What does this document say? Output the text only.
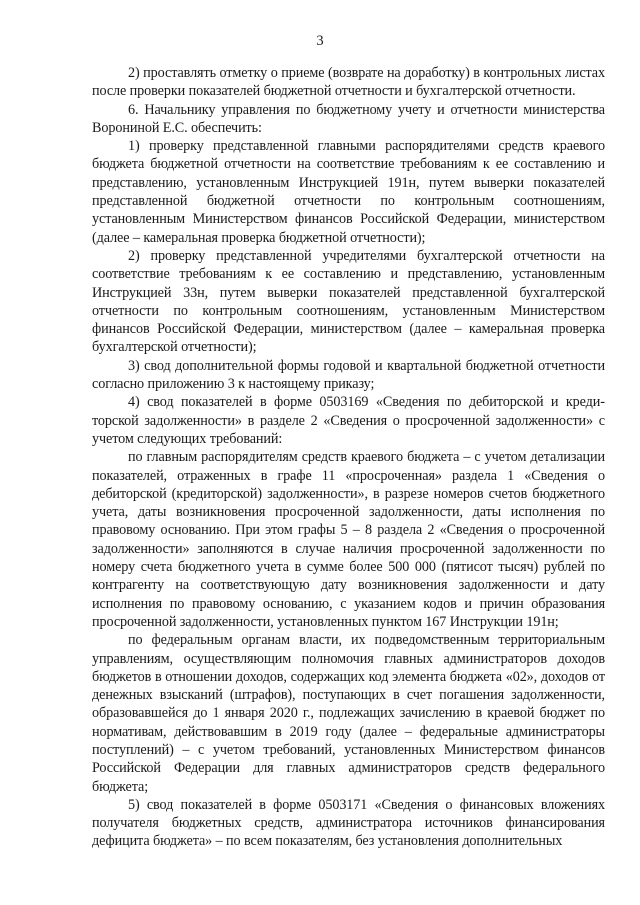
3

2) проставлять отметку о приеме (возврате на доработку) в контрольных листах после проверки показателей бюджетной отчетности и бухгалтерской отчетности.

6. Начальнику управления по бюджетному учету и отчетности министерства Ворониной Е.С. обеспечить:

1) проверку представленной главными распорядителями средств краевого бюджета бюджетной отчетности на соответствие требованиям к ее составлению и представлению, установленным Инструкцией 191н, путем выверки показателей представленной бюджетной отчетности по контрольным соотношениям, установленным Министерством финансов Российской Федерации, министерством (далее – камеральная проверка бюджетной отчетности);

2) проверку представленной учредителями бухгалтерской отчетности на соответствие требованиям к ее составлению и представлению, установленным Инструкцией 33н, путем выверки показателей представленной бухгалтерской отчетности по контрольным соотношениям, установленным Министерством финансов Российской Федерации, министерством (далее – камеральная проверка бухгалтерской отчетности);

3) свод дополнительной формы годовой и квартальной бюджетной отчетности согласно приложению 3 к настоящему приказу;

4) свод показателей в форме 0503169 «Сведения по дебиторской и кредиторской задолженности» в разделе 2 «Сведения о просроченной задолженности» с учетом следующих требований:

по главным распорядителям средств краевого бюджета – с учетом детализации показателей, отраженных в графе 11 «просроченная» раздела 1 «Сведения о дебиторской (кредиторской) задолженности», в разрезе номеров счетов бюджетного учета, даты возникновения просроченной задолженности, даты исполнения по правовому основанию. При этом графы 5 – 8 раздела 2 «Сведения о просроченной задолженности» заполняются в случае наличия просроченной задолженности по номеру счета бюджетного учета в сумме более 500 000 (пятисот тысяч) рублей по контрагенту на соответствующую дату возникновения задолженности и дату исполнения по правовому основанию, с указанием кодов и причин образования просроченной задолженности, установленных пунктом 167 Инструкции 191н;

по федеральным органам власти, их подведомственным территориальным управлениям, осуществляющим полномочия главных администраторов доходов бюджетов в отношении доходов, содержащих код элемента бюджета «02», доходов от денежных взысканий (штрафов), поступающих в счет погашения задолженности, образовавшейся до 1 января 2020 г., подлежащих зачислению в краевой бюджет по нормативам, действовавшим в 2019 году (далее – федеральные администраторы поступлений) – с учетом требований, установленных Министерством финансов Российской Федерации для главных администраторов средств федерального бюджета;

5) свод показателей в форме 0503171 «Сведения о финансовых вложениях получателя бюджетных средств, администратора источников финансирования дефицита бюджета» – по всем показателям, без установления дополнительных
